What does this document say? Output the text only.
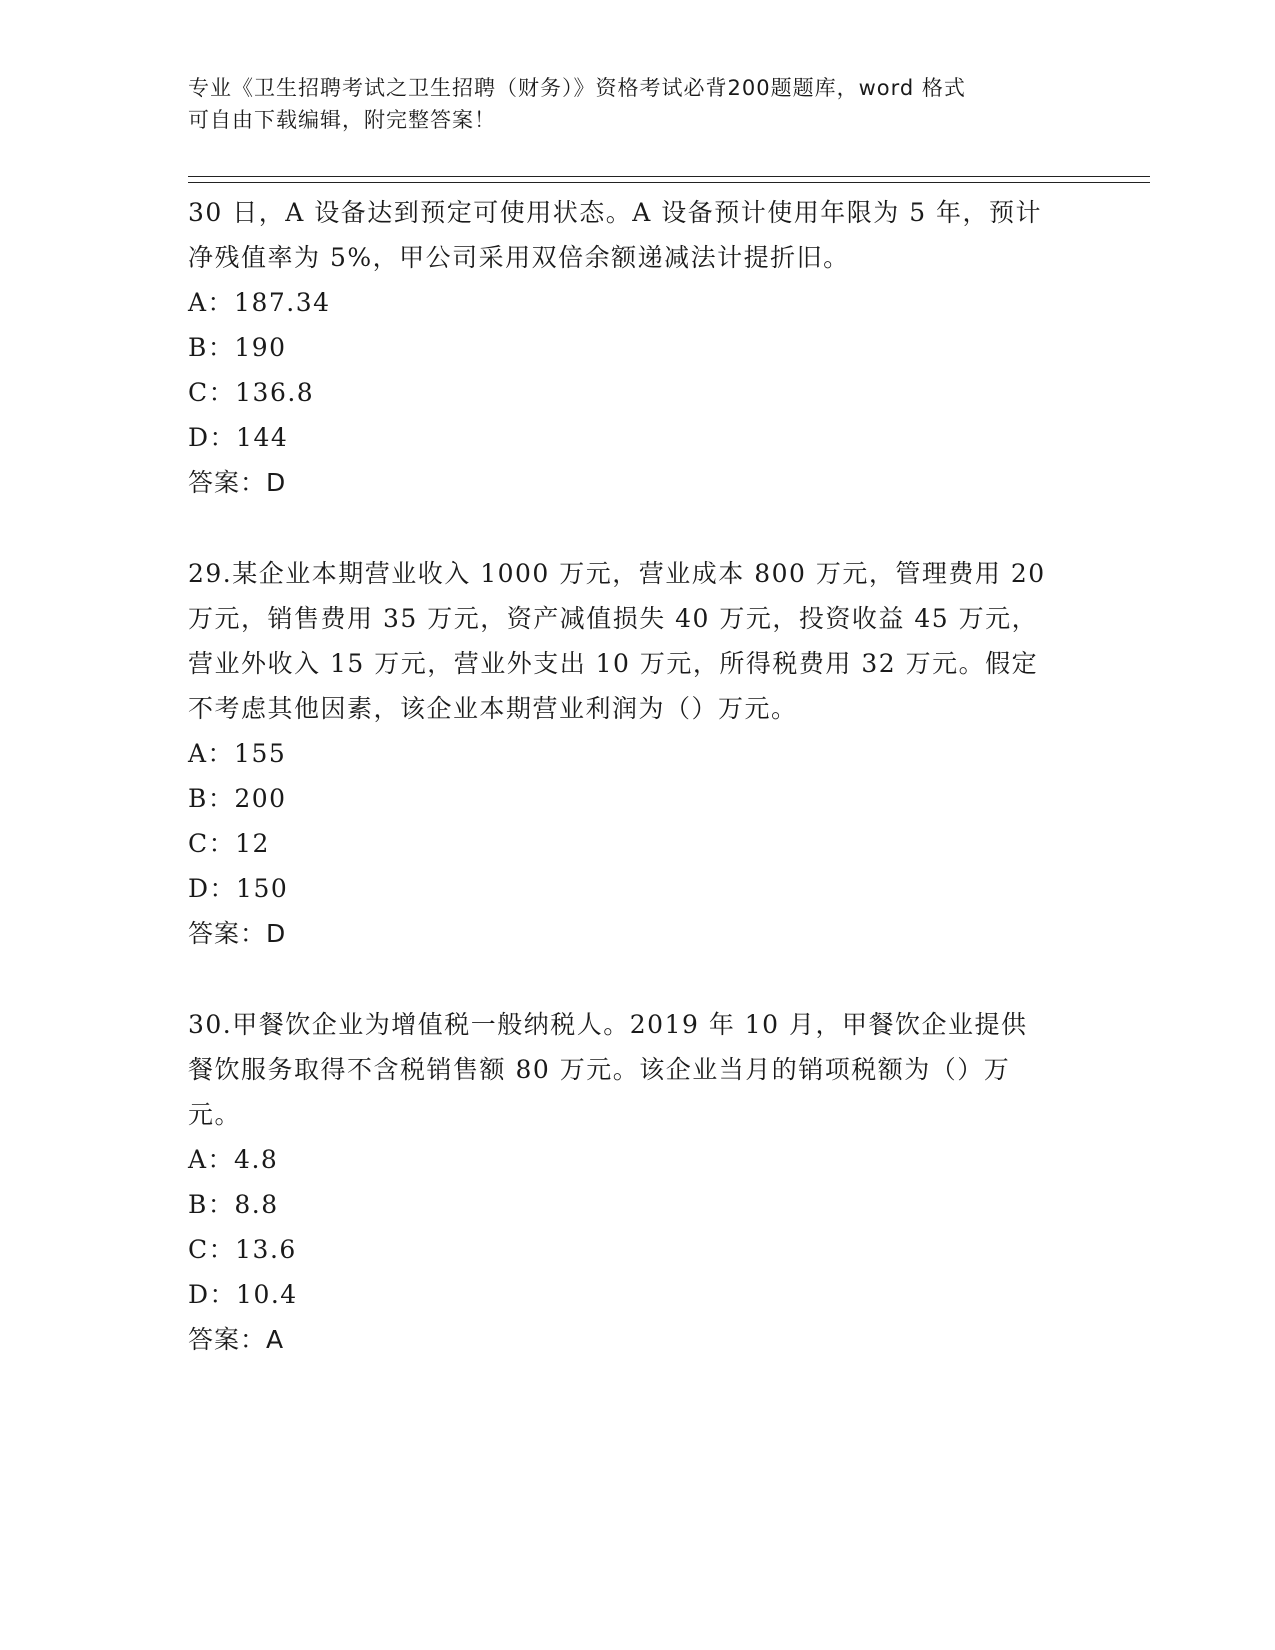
专业《卫生招聘考试之卫生招聘（财务）》资格考试必背200题题库，word 格式
可自由下载编辑，附完整答案！
30 日，A 设备达到预定可使用状态。A 设备预计使用年限为 5 年，预计
净残值率为 5%，甲公司采用双倍余额递减法计提折旧。
A：187.34
B：190
C：136.8
D：144
答案：D
29.某企业本期营业收入 1000 万元，营业成本 800 万元，管理费用 20
万元，销售费用 35 万元，资产减值损失 40 万元，投资收益 45 万元，
营业外收入 15 万元，营业外支出 10 万元，所得税费用 32 万元。假定
不考虑其他因素，该企业本期营业利润为（）万元。
A：155
B：200
C：12
D：150
答案：D
30.甲餐饮企业为增值税一般纳税人。2019 年 10 月，甲餐饮企业提供
餐饮服务取得不含税销售额 80 万元。该企业当月的销项税额为（）万
元。
A：4.8
B：8.8
C：13.6
D：10.4
答案：A
